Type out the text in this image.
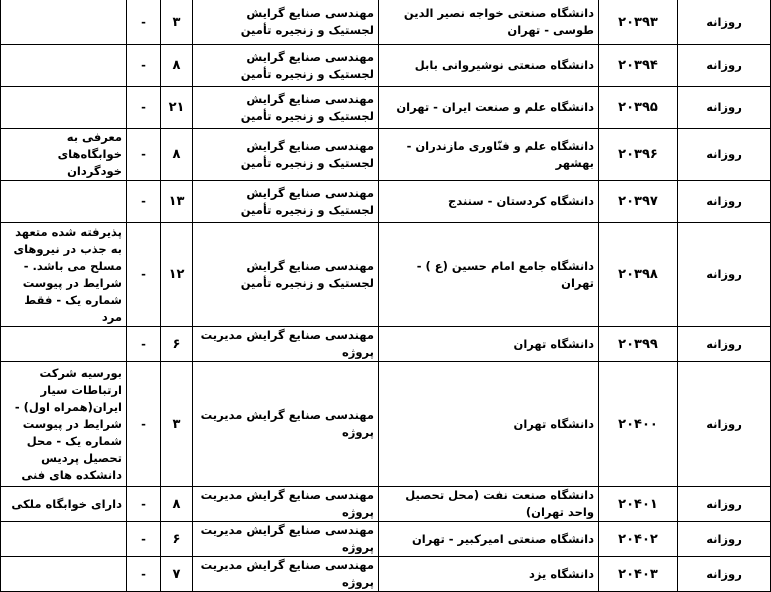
روزانه	۲۰۳۹۳	دانشگاه صنعتی خواجه نصیر الدین طوسی - تهران	مهندسی صنایع گرایش لجستیک و زنجیره تأمین	۳	-	
روزانه	۲۰۳۹۴	دانشگاه صنعتی نوشیروانی بابل	مهندسی صنایع گرایش لجستیک و زنجیره تأمین	۸	-	
روزانه	۲۰۳۹۵	دانشگاه علم و صنعت ایران - تهران	مهندسی صنایع گرایش لجستیک و زنجیره تأمین	۲۱	-	
روزانه	۲۰۳۹۶	دانشگاه علم و فنّاوری مازندران - بهشهر	مهندسی صنایع گرایش لجستیک و زنجیره تأمین	۸	-	معرفی به خوابگاه‌های خودگردان
روزانه	۲۰۳۹۷	دانشگاه کردستان - سنندج	مهندسی صنایع گرایش لجستیک و زنجیره تأمین	۱۳	-	
روزانه	۲۰۳۹۸	دانشگاه جامع امام حسین (ع ) - تهران	مهندسی صنایع گرایش لجستیک و زنجیره تأمین	۱۲	-	پذیرفته شده متعهد به جذب در نیروهای مسلح می باشد. - شرایط در پیوست شماره یک - فقط مرد
روزانه	۲۰۳۹۹	دانشگاه تهران	مهندسی صنایع گرایش مدیریت پروژه	۶	-	
روزانه	۲۰۴۰۰	دانشگاه تهران	مهندسی صنایع گرایش مدیریت پروژه	۳	-	بورسیه شرکت ارتباطات سیار ایران(همراه اول) - شرایط در پیوست شماره یک - محل تحصیل پردیس دانشکده های فنی
روزانه	۲۰۴۰۱	دانشگاه صنعت نفت (محل تحصیل واحد تهران)	مهندسی صنایع گرایش مدیریت پروژه	۸	-	دارای خوابگاه ملکی
روزانه	۲۰۴۰۲	دانشگاه صنعتی امیرکبیر - تهران	مهندسی صنایع گرایش مدیریت پروژه	۶	-	
روزانه	۲۰۴۰۳	دانشگاه یزد	مهندسی صنایع گرایش مدیریت پروژه	۷	-	
